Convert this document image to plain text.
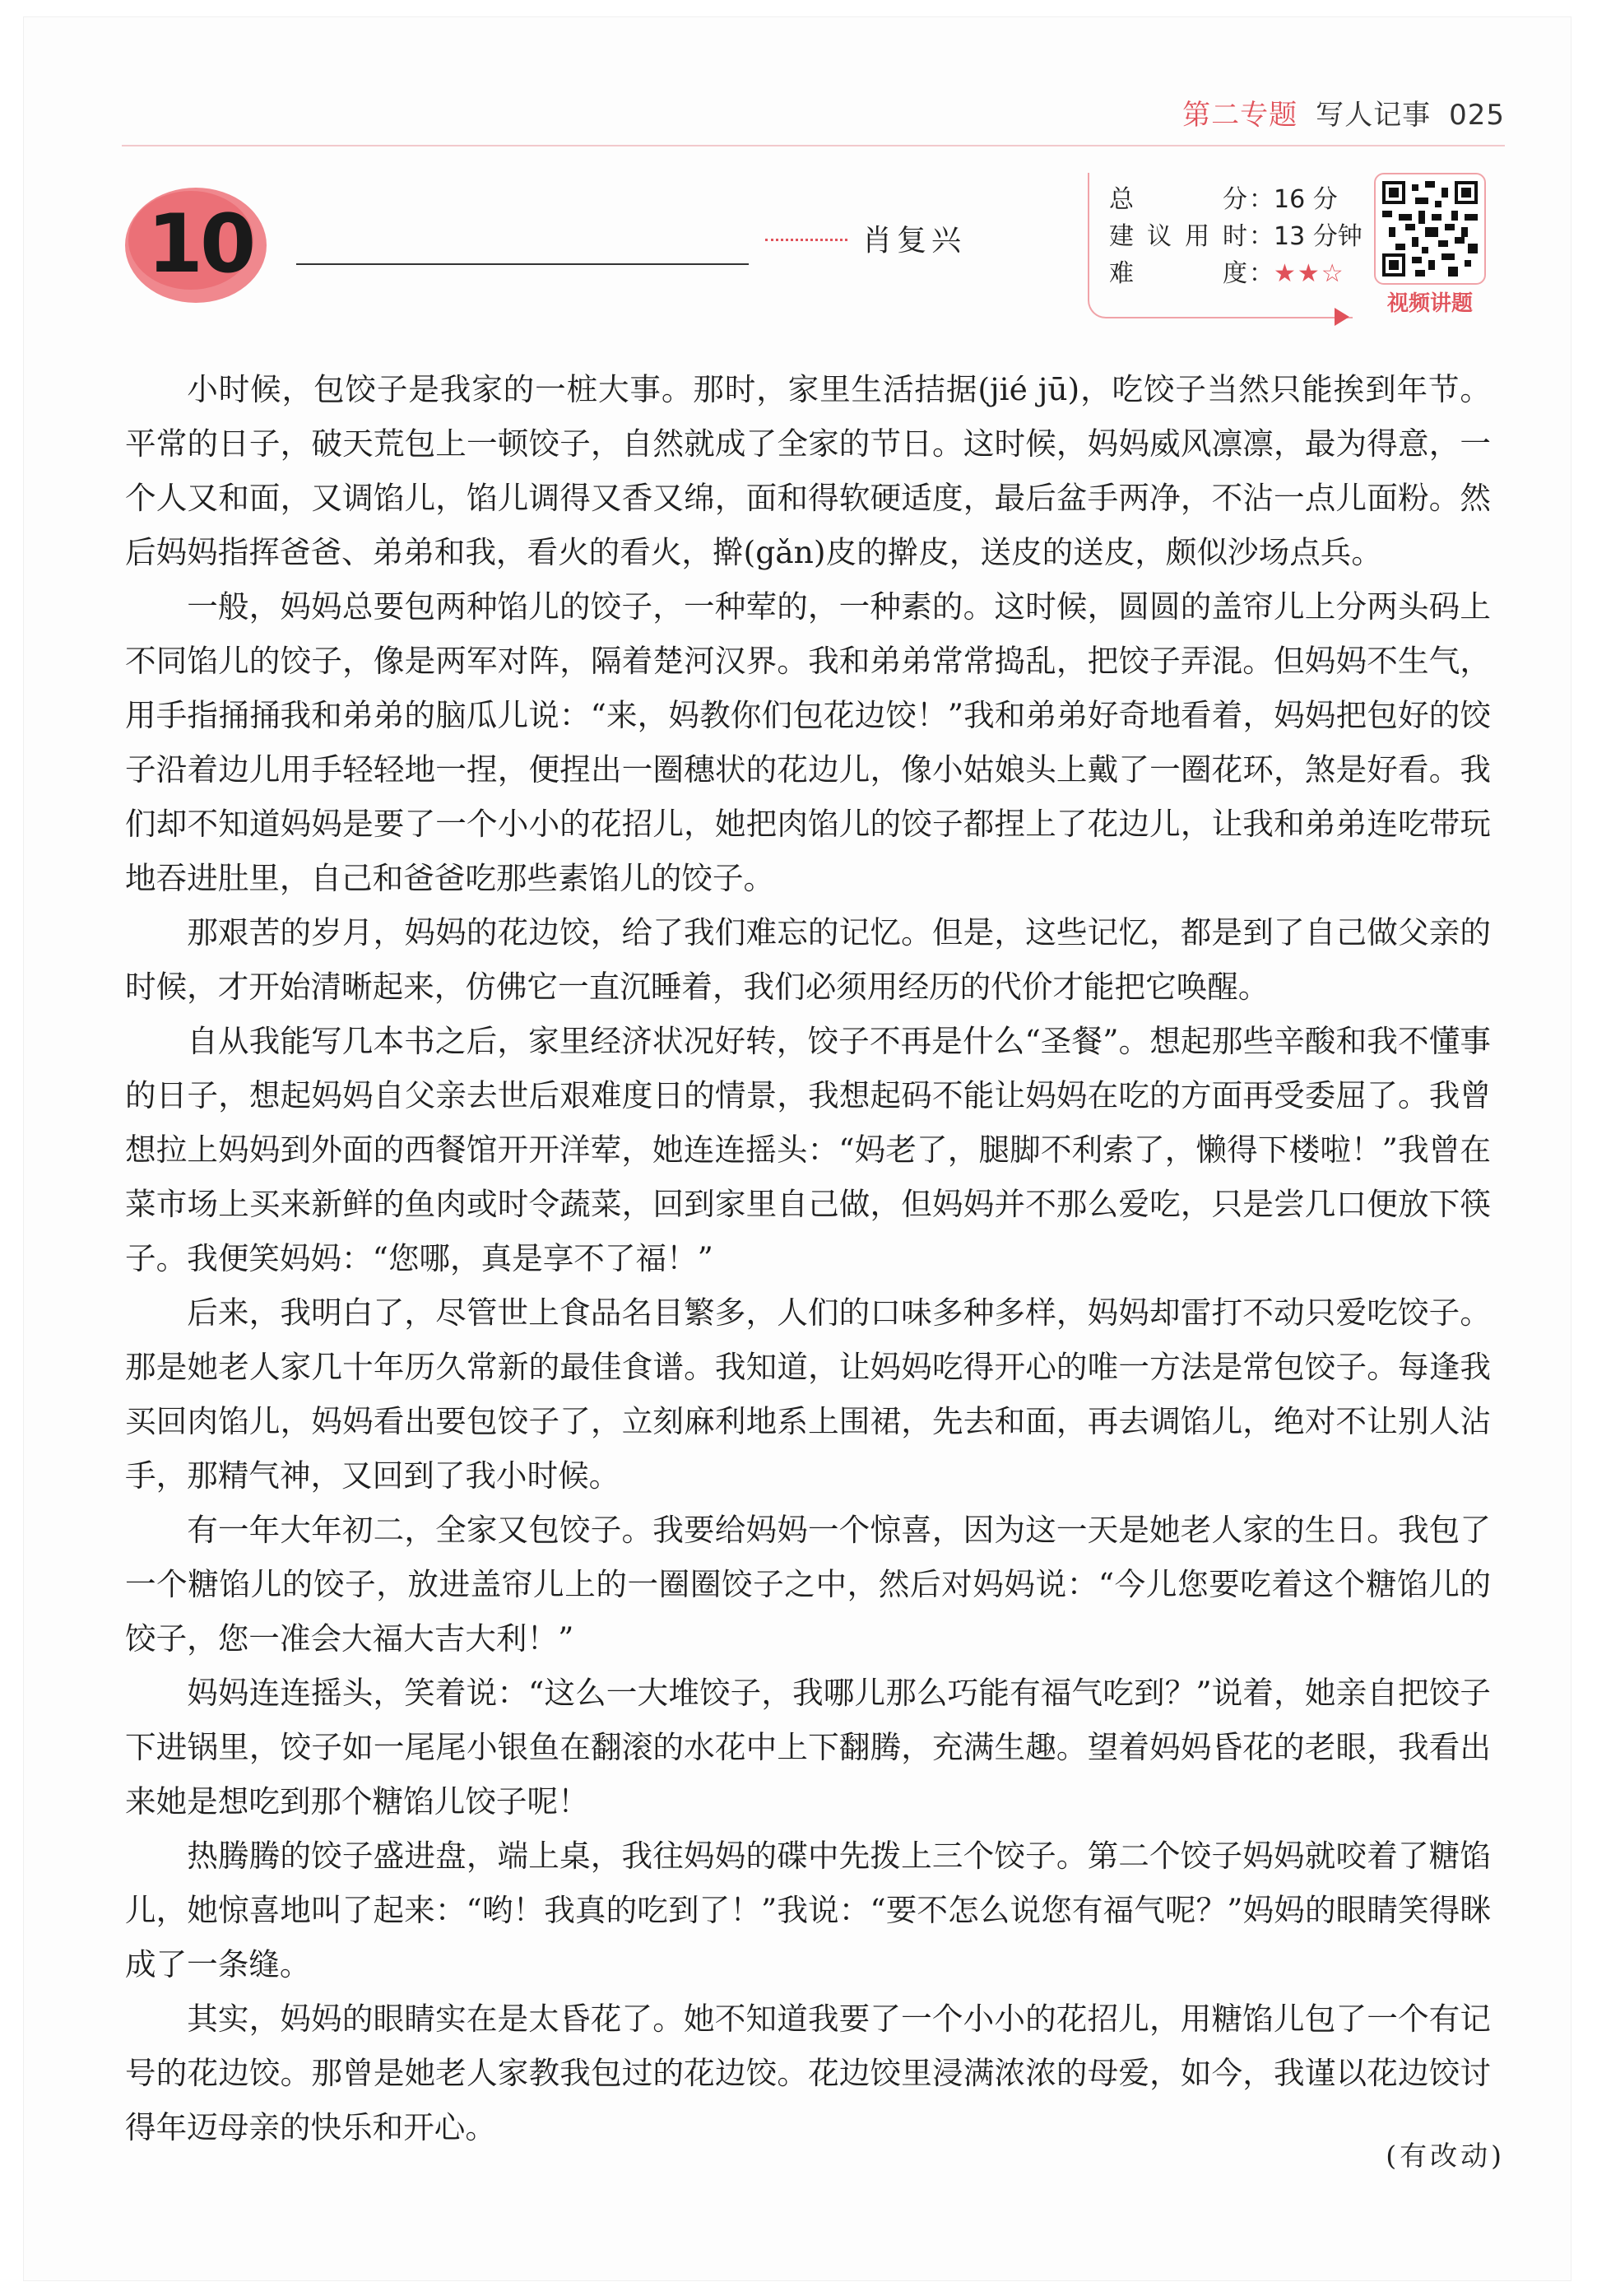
第二专题 写人记事 025
10	肖复兴
总　　分 ：16 分
建议用时 ：13 分钟
难　　度 ： ★★☆
视频讲题

小时候，包饺子是我家的一桩大事。那时，家里生活拮据(jié jū)，吃饺子当然只能挨到年节。平常的日子，破天荒包上一顿饺子，自然就成了全家的节日。这时候，妈妈威风凛凛，最为得意，一个人又和面，又调馅儿，馅儿调得又香又绵，面和得软硬适度，最后盆手两净，不沾一点儿面粉。然后妈妈指挥爸爸、弟弟和我，看火的看火，擀(gǎn)皮的擀皮，送皮的送皮，颇似沙场点兵。

一般，妈妈总要包两种馅儿的饺子，一种荤的，一种素的。这时候，圆圆的盖帘儿上分两头码上不同馅儿的饺子，像是两军对阵，隔着楚河汉界。我和弟弟常常捣乱，把饺子弄混。但妈妈不生气，用手指捅捅我和弟弟的脑瓜儿说：“来，妈教你们包花边饺！”我和弟弟好奇地看着，妈妈把包好的饺子沿着边儿用手轻轻地一捏，便捏出一圈穗状的花边儿，像小姑娘头上戴了一圈花环，煞是好看。我们却不知道妈妈是要了一个小小的花招儿，她把肉馅儿的饺子都捏上了花边儿，让我和弟弟连吃带玩地吞进肚里，自己和爸爸吃那些素馅儿的饺子。

那艰苦的岁月，妈妈的花边饺，给了我们难忘的记忆。但是，这些记忆，都是到了自己做父亲的时候，才开始清晰起来，仿佛它一直沉睡着，我们必须用经历的代价才能把它唤醒。

自从我能写几本书之后，家里经济状况好转，饺子不再是什么“圣餐”。想起那些辛酸和我不懂事的日子，想起妈妈自父亲去世后艰难度日的情景，我想起码不能让妈妈在吃的方面再受委屈了。我曾想拉上妈妈到外面的西餐馆开开洋荤，她连连摇头：“妈老了，腿脚不利索了，懒得下楼啦！”我曾在菜市场上买来新鲜的鱼肉或时令蔬菜，回到家里自己做，但妈妈并不那么爱吃，只是尝几口便放下筷子。我便笑妈妈：“您哪，真是享不了福！”

后来，我明白了，尽管世上食品名目繁多，人们的口味多种多样，妈妈却雷打不动只爱吃饺子。那是她老人家几十年历久常新的最佳食谱。我知道，让妈妈吃得开心的唯一方法是常包饺子。每逢我买回肉馅儿，妈妈看出要包饺子了，立刻麻利地系上围裙，先去和面，再去调馅儿，绝对不让别人沾手，那精气神，又回到了我小时候。

有一年大年初二，全家又包饺子。我要给妈妈一个惊喜，因为这一天是她老人家的生日。我包了一个糖馅儿的饺子，放进盖帘儿上的一圈圈饺子之中，然后对妈妈说：“今儿您要吃着这个糖馅儿的饺子，您一准会大福大吉大利！”

妈妈连连摇头，笑着说：“这么一大堆饺子，我哪儿那么巧能有福气吃到？”说着，她亲自把饺子下进锅里，饺子如一尾尾小银鱼在翻滚的水花中上下翻腾，充满生趣。望着妈妈昏花的老眼，我看出来她是想吃到那个糖馅儿饺子呢！

热腾腾的饺子盛进盘，端上桌，我往妈妈的碟中先拨上三个饺子。第二个饺子妈妈就咬着了糖馅儿，她惊喜地叫了起来：“哟！我真的吃到了！”我说：“要不怎么说您有福气呢？”妈妈的眼睛笑得眯成了一条缝。

其实，妈妈的眼睛实在是太昏花了。她不知道我要了一个小小的花招儿，用糖馅儿包了一个有记号的花边饺。那曾是她老人家教我包过的花边饺。花边饺里浸满浓浓的母爱，如今，我谨以花边饺讨得年迈母亲的快乐和开心。

(有改动)
